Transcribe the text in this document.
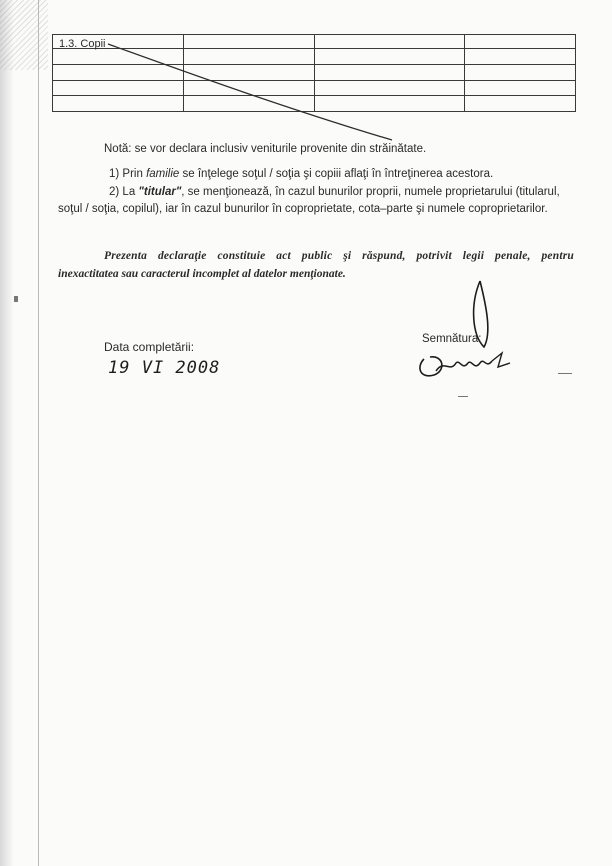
1.3. Copii
Notă: se vor declara inclusiv veniturile provenite din străinătate.
1) Prin familie se înţelege soţul / soţia şi copiii aflaţi în întreţinerea acestora.
2) La "titular", se menţionează, în cazul bunurilor proprii, numele proprietarului (titularul,
soţul / soţia, copilul), iar în cazul bunurilor în coproprietate, cota–parte şi numele coproprietarilor.
Prezenta declaraţie constituie act public şi răspund, potrivit legii penale, pentru
inexactitatea sau caracterul incomplet al datelor menţionate.
Data completării:
19 VI 2008
Semnătura:
